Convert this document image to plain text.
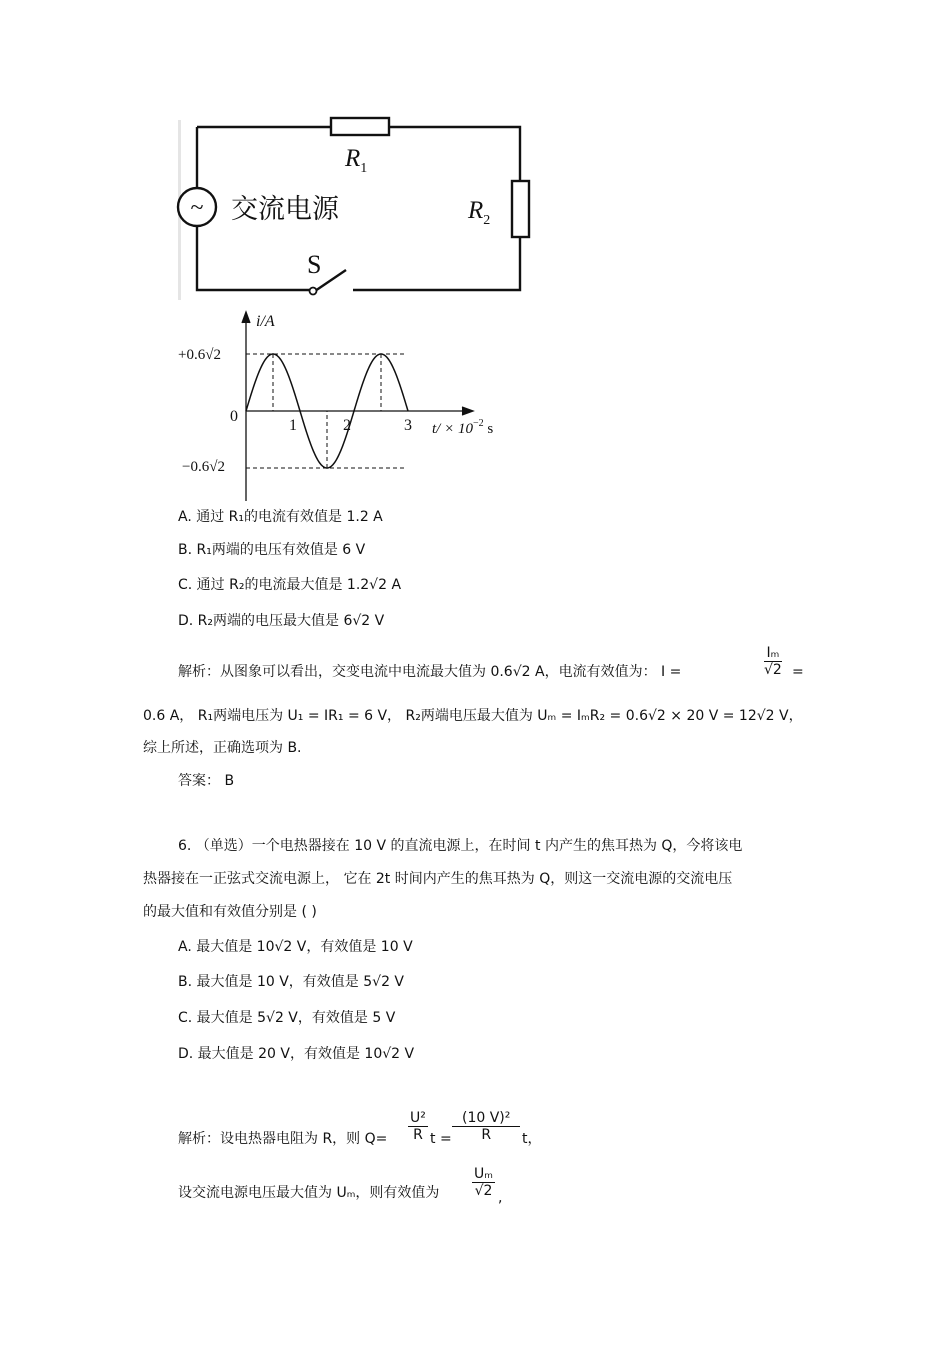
~
$R_1$
$R_2$
交流电源
S
1	2	3
i/A
0
+0.6√2
−0.6√2
$t/ \times 10^{-2}$ s
A. 通过 R₁的电流有效值是 1.2 A
B. R₁两端的电压有效值是 6 V
C. 通过 R₂的电流最大值是 1.2√2 A
D. R₂两端的电压最大值是 6√2 V
解析：从图象可以看出，交变电流中电流最大值为 0.6√2 A，电流有效值为： I =	$\frac{\text{Iₘ}}{√2}$ =
0.6 A， R₁两端电压为 U₁ = IR₁ = 6 V， R₂两端电压最大值为 Uₘ = IₘR₂ = 0.6√2 × 20 V = 12√2 V，
综上所述，正确选项为 B.
答案： B
6. （单选）一个电热器接在 10 V 的直流电源上，在时间 t 内产生的焦耳热为 Q，今将该电
热器接在一正弦式交流电源上， 它在 2t 时间内产生的焦耳热为 Q，则这一交流电源的交流电压
的最大值和有效值分别是 ( )
A. 最大值是 10√2 V，有效值是 10 V
B. 最大值是 10 V，有效值是 5√2 V
C. 最大值是 5√2 V，有效值是 5 V
D. 最大值是 20 V，有效值是 10√2 V
解析：设电热器电阻为 R，则 $Q= \frac{\text{U²}}{R}$ $t = \frac{\text{(10 V)²}}{R}$ t，
设交流电源电压最大值为 Uₘ，则有效值为 $\frac{\text{Uₘ}}{√2}$ ,
